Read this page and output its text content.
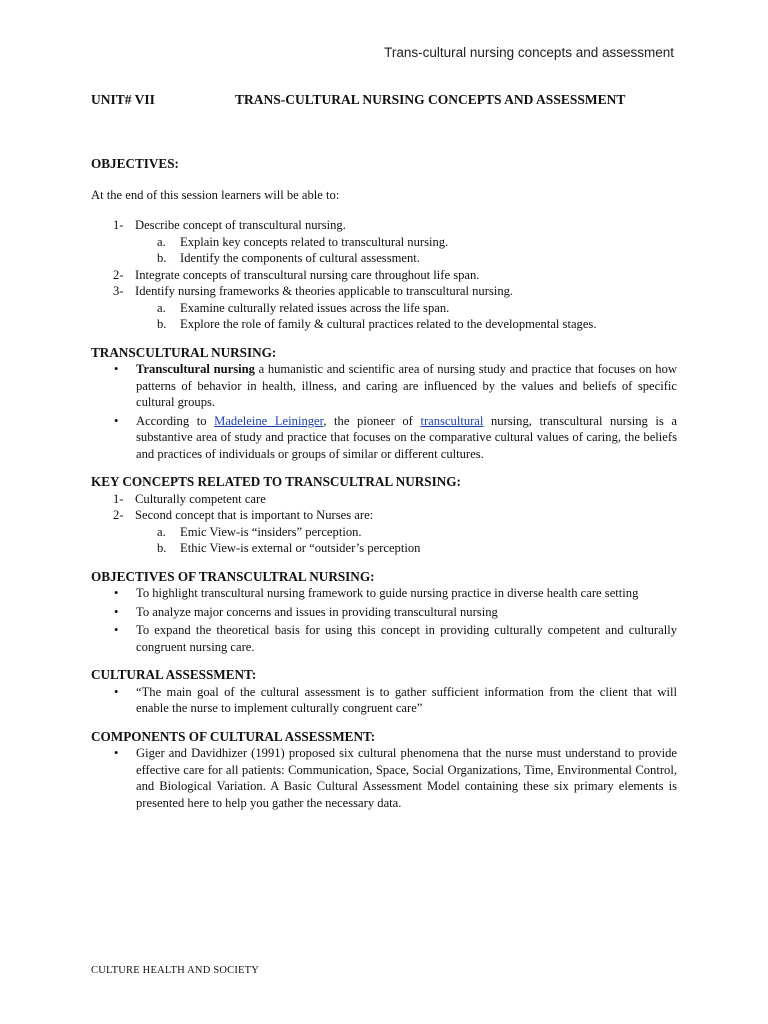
Trans-cultural nursing concepts and assessment
UNIT# VII	TRANS-CULTURAL NURSING CONCEPTS AND ASSESSMENT

OBJECTIVES:

At the end of this session learners will be able to:

1- Describe concept of transcultural nursing.
a. Explain key concepts related to transcultural nursing.
b. Identify the components of cultural assessment.
2- Integrate concepts of transcultural nursing care throughout life span.
3- Identify nursing frameworks & theories applicable to transcultural nursing.
a. Examine culturally related issues across the life span.
b. Explore the role of family & cultural practices related to the developmental stages.

TRANSCULTURAL NURSING:

• Transcultural nursing a humanistic and scientific area of nursing study and practice that focuses on how patterns of behavior in health, illness, and caring are influenced by the values and beliefs of specific cultural groups.
• According to Madeleine Leininger, the pioneer of transcultural nursing, transcultural nursing is a substantive area of study and practice that focuses on the comparative cultural values of caring, the beliefs and practices of individuals or groups of similar or different cultures.

KEY CONCEPTS RELATED TO TRANSCULTRAL NURSING:

1- Culturally competent care
2- Second concept that is important to Nurses are:
a. Emic View-is “insiders” perception.
b. Ethic View-is external or “outsider’s perception

OBJECTIVES OF TRANSCULTRAL NURSING:

• To highlight transcultural nursing framework to guide nursing practice in diverse health care setting
• To analyze major concerns and issues in providing transcultural nursing
• To expand the theoretical basis for using this concept in providing culturally competent and culturally congruent nursing care.

CULTURAL ASSESSMENT:

• “The main goal of the cultural assessment is to gather sufficient information from the client that will enable the nurse to implement culturally congruent care”

COMPONENTS OF CULTURAL ASSESSMENT:

• Giger and Davidhizer (1991) proposed six cultural phenomena that the nurse must understand to provide effective care for all patients: Communication, Space, Social Organizations, Time, Environmental Control, and Biological Variation. A Basic Cultural Assessment Model containing these six primary elements is presented here to help you gather the necessary data.
CULTURE HEALTH AND SOCIETY
